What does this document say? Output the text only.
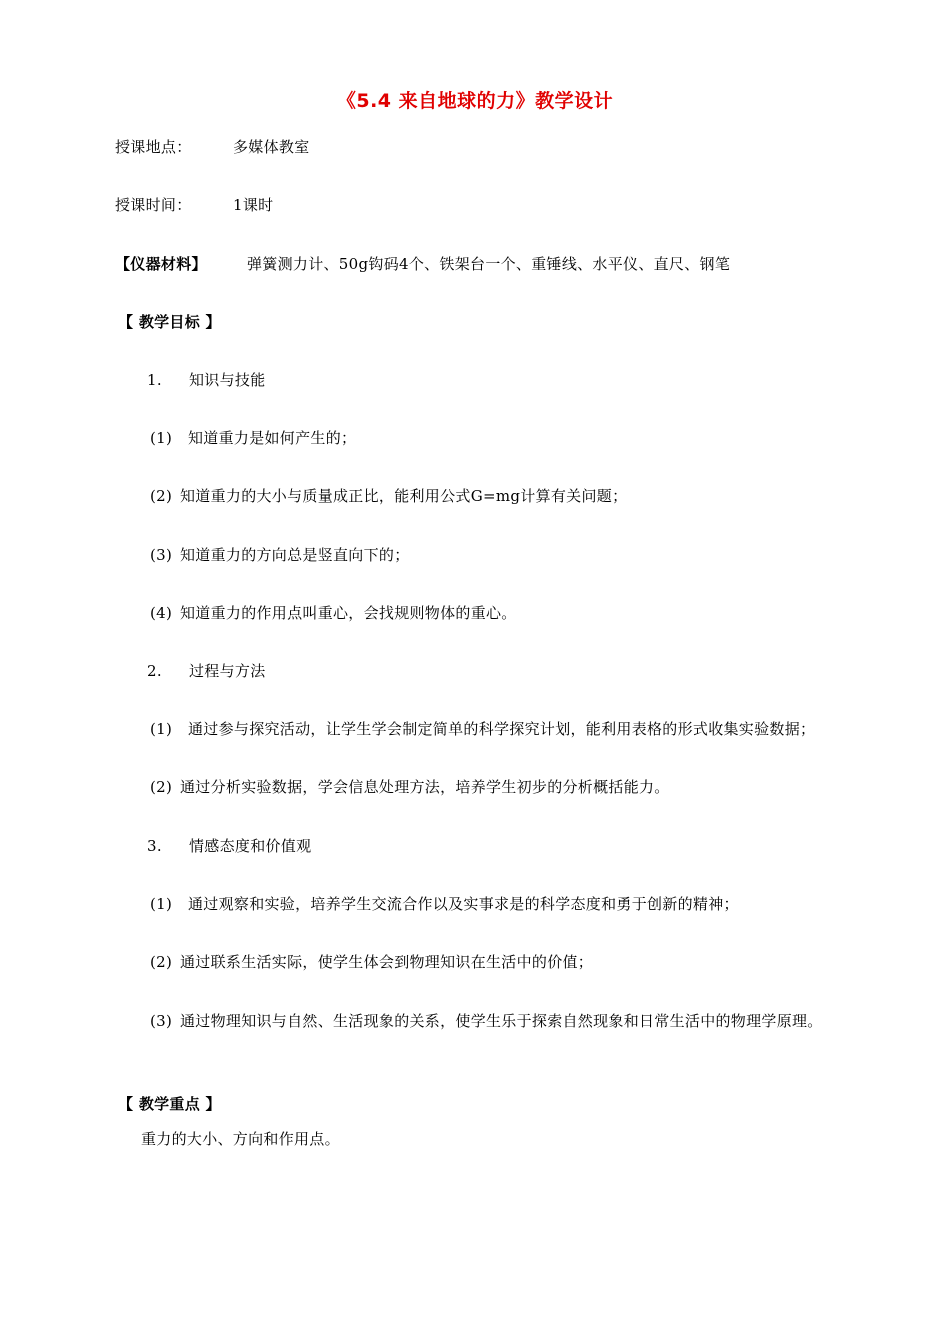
《5.4 来自地球的力》教学设计
授课地点：	多媒体教室
授课时间：	1课时
【仪器材料】	弹簧测力计、50g钩码4个、铁架台一个、重锤线、水平仪、直尺、钢笔
【 教学目标 】
1. 知识与技能
(1) 知道重力是如何产生的；
(2) 知道重力的大小与质量成正比，能利用公式G=mg计算有关问题；
(3) 知道重力的方向总是竖直向下的；
(4) 知道重力的作用点叫重心，会找规则物体的重心。
2. 过程与方法
(1) 通过参与探究活动，让学生学会制定简单的科学探究计划，能利用表格的形式收集实验数据；
(2) 通过分析实验数据，学会信息处理方法，培养学生初步的分析概括能力。
3. 情感态度和价值观
(1) 通过观察和实验，培养学生交流合作以及实事求是的科学态度和勇于创新的精神；
(2) 通过联系生活实际，使学生体会到物理知识在生活中的价值；
(3) 通过物理知识与自然、生活现象的关系，使学生乐于探索自然现象和日常生活中的物理学原理。
【 教学重点 】
重力的大小、方向和作用点。
